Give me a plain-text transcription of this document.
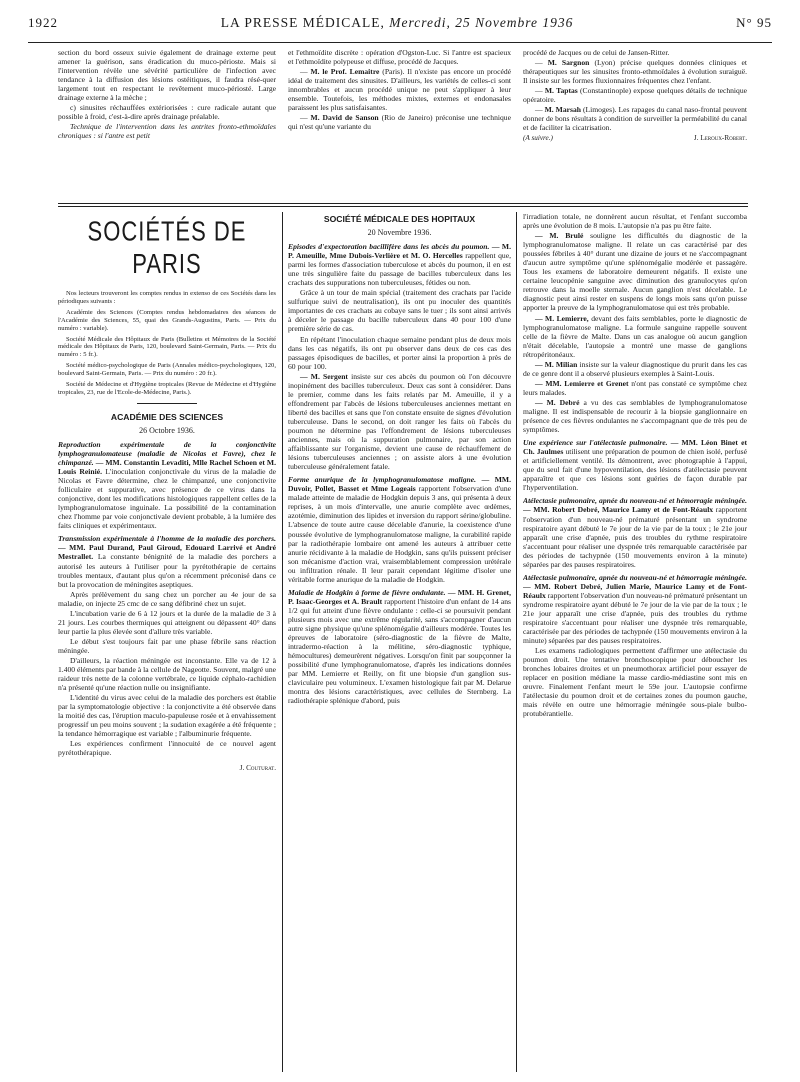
1922	LA PRESSE MÉDICALE, Mercredi, 25 Novembre 1936	N° 95

section du bord osseux suivie également de drainage externe peut amener la guérison, sans éradication du muco-périoste. Mais si l'intervention révèle une sévérité particulière de l'infection avec tendance à la diffusion des lésions ostéitiques, il faudra résé-quer largement tout en respectant le revêtement muco-périosté. Large drainage externe à la mèche ;

c) sinusites réchauffées extériorisées : cure radicale autant que possible à froid, c'est-à-dire après drainage préalable.

Technique de l'intervention dans les antrites fronto-ethmoïdales chroniques : si l'antre est petit

et l'ethmoïdite discrète : opération d'Ogston-Luc. Si l'antre est spacieux et l'ethmoïdite polypeuse et diffuse, procédé de Jacques.

— M. le Prof. Lemaitre (Paris). Il n'existe pas encore un procédé idéal de traitement des sinusites. D'ailleurs, les variétés de celles-ci sont innombrables et aucun procédé unique ne peut s'appliquer à leur ensemble. Toutefois, les méthodes mixtes, externes et endonasales paraissent les plus satisfaisantes.

— M. David de Sanson (Rio de Janeiro) préconise une technique qui n'est qu'une variante du

procédé de Jacques ou de celui de Jansen-Ritter.

— M. Sargnon (Lyon) précise quelques données cliniques et thérapeutiques sur les sinusites fronto-ethmoïdales à évolution suraiguë. Il insiste sur les formes fluxionnaires fréquentes chez l'enfant.

— M. Taptas (Constantinople) expose quelques détails de technique opératoire.

— M. Marsah (Limoges). Les rapages du canal naso-frontal peuvent donner de bons résultats à condition de surveiller la perméabilité du canal et de faciliter la cicatrisation.

(A suivre.)	J. Leroux-Robert.
SOCIÉTÉS DE PARIS

Nos lecteurs trouveront les comptes rendus in extenso de ces Sociétés dans les périodiques suivants :

Académie des Sciences (Comptes rendus hebdomadaires des séances de l'Académie des Sciences, 55, quai des Grands-Augustins, Paris. — Prix du numéro : variable).

Société Médicale des Hôpitaux de Paris (Bulletins et Mémoires de la Société médicale des Hôpitaux de Paris, 120, boulevard Saint-Germain, Paris. — Prix du numéro : 5 fr.).

Société médico-psychologique de Paris (Annales médico-psychologiques, 120, boulevard Saint-Germain, Paris. — Prix du numéro : 20 fr.).

Société de Médecine et d'Hygiène tropicales (Revue de Médecine et d'Hygiène tropicales, 23, rue de l'Ecole-de-Médecine, Paris.).

ACADÉMIE DES SCIENCES
26 Octobre 1936.

Reproduction expérimentale de la conjonctivite lymphogranulomateuse (maladie de Nicolas et Favre), chez le chimpanzé. — MM. Constantin Levaditi, Mlle Rachel Schoen et M. Louis Reinié. L'inoculation conjonctivale du virus de la maladie de Nicolas et Favre détermine, chez le chimpanzé, une conjonctivite folliculaire et suppurative, avec présence de ce virus dans la conjonctive, dont les modifications histologiques rappellent celles de la lymphogranulomatose inguinale. La possibilité de la contamination chez l'homme par voie conjonctivale devient probable, à la lumière des faits cliniques et expérimentaux.

Transmission expérimentale à l'homme de la maladie des porchers. — MM. Paul Durand, Paul Giroud, Edouard Larrivé et André Mestrallet. La constante bénignité de la maladie des porchers a autorisé les auteurs à l'utiliser pour la pyrétothérapie de certains troubles mentaux, d'autant plus qu'on a récemment préconisé dans ce but la provocation de méningites aseptiques.

Après prélèvement du sang chez un porcher au 4e jour de sa maladie, on injecte 25 cmc de ce sang défibriné chez un sujet.

L'incubation varie de 6 à 12 jours et la durée de la maladie de 3 à 21 jours. Les courbes thermiques qui atteignent ou dépassent 40° dans leur partie la plus élevée sont d'allure très variable.

Le début s'est toujours fait par une phase fébrile sans réaction méningée.

D'ailleurs, la réaction méningée est inconstante. Elle va de 12 à 1.400 éléments par bande à la cellule de Nageotte. Souvent, malgré une raideur très nette de la colonne vertébrale, ce liquide céphalo-rachidien n'a présenté qu'une réaction nulle ou insignifiante.

L'identité du virus avec celui de la maladie des porchers est établie par la symptomatologie objective : la conjonctivite a été observée dans la moitié des cas, l'éruption maculo-papuleuse rosée et à envahissement progressif un peu moins souvent ; la sudation exagérée a été fréquente ; la tendance hémorragique est variable ; l'albuminurie fréquente.

Les expériences confirment l'innocuité de ce nouvel agent pyrétothérapique.

J. Couturat.
SOCIÉTÉ MÉDICALE DES HOPITAUX
20 Novembre 1936.

Episodes d'expectoration bacillifère dans les abcès du poumon. — M. P. Ameuille, Mme Dubois-Verlière et M. O. Hercelles rappellent que, parmi les formes d'association tuberculose et abcès du poumon, il en est une très singulière faite du passage de bacilles tuberculeux dans les crachats des suppurations non tuberculeuses, fétides ou non.

Grâce à un tour de main spécial (traitement des crachats par l'acide sulfurique suivi de neutralisation), ils ont pu inoculer des quantités importantes de ces crachats au cobaye sans le tuer ; ils sont ainsi arrivés à déceler le passage du bacille tuberculeux dans 40 pour 100 d'une première série de cas.

En répétant l'inoculation chaque semaine pendant plus de deux mois dans les cas négatifs, ils ont pu observer dans deux de ces cas des passages épisodiques de bacilles, et porter ainsi la proportion à près de 60 pour 100.

— M. Sergent insiste sur ces abcès du poumon où l'on découvre inopinément des bacilles tuberculeux. Deux cas sont à considérer. Dans le premier, comme dans les faits relatés par M. Ameuille, il y a effondrement par l'abcès de lésions tuberculeuses anciennes mettant en liberté des bacilles et sans que l'on constate ensuite de signes d'évolution tuberculeuse. Dans le second, on doit ranger les faits où l'abcès du poumon ne détermine pas l'effondrement de lésions tuberculeuses anciennes, mais où la suppuration pulmonaire, par son action affaiblissante sur l'organisme, devient une cause de réchauffement de lésions tuberculeuses anciennes ; on assiste alors à une évolution tuberculeuse généralement fatale.

Forme anurique de la lymphogranulomatose maligne. — MM. Duvoir, Pollet, Basset et Mme Logeais rapportent l'observation d'une malade atteinte de maladie de Hodgkin depuis 3 ans, qui présenta à deux reprises, à un mois d'intervalle, une anurie complète avec œdèmes, azotémie, diminution des lipides et inversion du rapport sérine/globuline. L'absence de toute autre cause décelable d'anurie, la coexistence d'une poussée évolutive de lymphogranulomatose maligne, la curabilité rapide par la radiothérapie lombaire ont amené les auteurs à attribuer cette anurie récidivante à la maladie de Hodgkin, sans qu'ils puissent préciser son mécanisme d'action vrai, vraisemblablement compression urétérale ou infiltration rénale. Il leur parait cependant légitime d'isoler une véritable forme anurique de la maladie de Hodgkin.

Maladie de Hodgkin à forme de fièvre ondulante. — MM. H. Grenet, P. Isaac-Georges et A. Brault rapportent l'histoire d'un enfant de 14 ans 1/2 qui fut atteint d'une fièvre ondulante : celle-ci se poursuivit pendant plusieurs mois avec une extrême régularité, sans s'accompagner d'aucun autre signe physique qu'une splénomégalie d'ailleurs modérée. Toutes les épreuves de laboratoire (séro-diagnostic de la fièvre de Malte, intradermo-réaction à la mélitine, séro-diagnostic typhique, hémocultures) demeurèrent négatives. Lorsqu'on finit par soupçonner la possibilité d'une lymphogranulomatose, d'après les indications données par MM. Lemierre et Reilly, on fit une biopsie d'un ganglion sus-claviculaire peu volumineux. L'examen histologique fait par M. Delarue montra des lésions caractéristiques, avec cellules de Sternberg. La radiothérapie splénique d'abord, puis

l'irradiation totale, ne donnèrent aucun résultat, et l'enfant succomba après une évolution de 8 mois. L'autopsie n'a pas pu être faite.

— M. Brulé souligne les difficultés du diagnostic de la lymphogranulomatose maligne. Il relate un cas caractérisé par des poussées fébriles à 40° durant une dizaine de jours et ne s'accompagnant d'aucun autre symptôme qu'une splénomégalie modérée et passagère. Tous les examens de laboratoire demeurent négatifs. Il existe une certaine leucopénie sanguine avec diminution des granulocytes qu'on retrouve dans la moelle sternale. Aucun ganglion n'est décelable. Le diagnostic peut ainsi rester en suspens de longs mois sans qu'on puisse apporter la preuve de la lymphogranulomatose qui est très probable.

— M. Lemierre, devant des faits semblables, porte le diagnostic de lymphogranulomatose maligne. La formule sanguine rappelle souvent celle de la fièvre de Malte. Dans un cas analogue où aucun ganglion n'était décelable, l'autopsie a montré une masse de ganglions rétropéritonéaux.

— M. Milian insiste sur la valeur diagnostique du prurit dans les cas de ce genre dont il a observé plusieurs exemples à Saint-Louis.

— MM. Lemierre et Grenet n'ont pas constaté ce symptôme chez leurs malades.

— M. Debré a vu des cas semblables de lymphogranulomatose maligne. Il est indispensable de recourir à la biopsie ganglionnaire en présence de ces fièvres ondulantes ne s'accompagnant que de très peu de symptômes.

Une expérience sur l'atélectasie pulmonaire. — MM. Léon Binet et Ch. Jaulmes utilisent une préparation de poumon de chien isolé, perfusé et artificiellement ventilé. Ils démontrent, avec photographie à l'appui, que du seul fait d'une hypoventilation, des lésions d'atélectasie peuvent apparaître et que ces lésions sont guéries de façon durable par l'hyperventilation.

Atélectasie pulmonaire, apnée du nouveau-né et hémorragie méningée. — MM. Robert Debré, Maurice Lamy et de Font-Réaulx rapportent l'observation d'un nouveau-né prématuré présentant un syndrome respiratoire ayant débuté le 7e jour de la vie par de la toux ; le 21e jour apparaît une crise d'apnée, puis des troubles du rythme respiratoire s'accentuant pour réaliser une dyspnée très remarquable caractérisée par des périodes de tachypnée (150 mouvements environ à la minute) séparées par des pauses respiratoires.

Atélectasie pulmonaire, apnée du nouveau-né et hémorragie méningée. — MM. Robert Debré, Julien Marie, Maurice Lamy et de Font-Réaulx rapportent l'observation d'un nouveau-né prématuré présentant un syndrome respiratoire ayant débuté le 7e jour de la vie par de la toux ; le 21e jour apparaît une crise d'apnée, puis des troubles du rythme respiratoire s'accentuant pour réaliser une dyspnée très remarquable, caractérisée par des périodes de tachypnée (150 mouvements environ à la minute) séparées par des pauses respiratoires.

Les examens radiologiques permettent d'affirmer une atélectasie du poumon droit. Une tentative bronchoscopique pour déboucher les bronches lobaires droites et un pneumothorax artificiel pour essayer de replacer en position médiane la masse cardio-médiastine sont mis en œuvre. Finalement l'enfant meurt le 59e jour. L'autopsie confirme l'atélectasie du poumon droit et de certaines zones du poumon gauche, mais révèle en outre une hémorragie méningée sous-piale bulbo-protubérantielle.
